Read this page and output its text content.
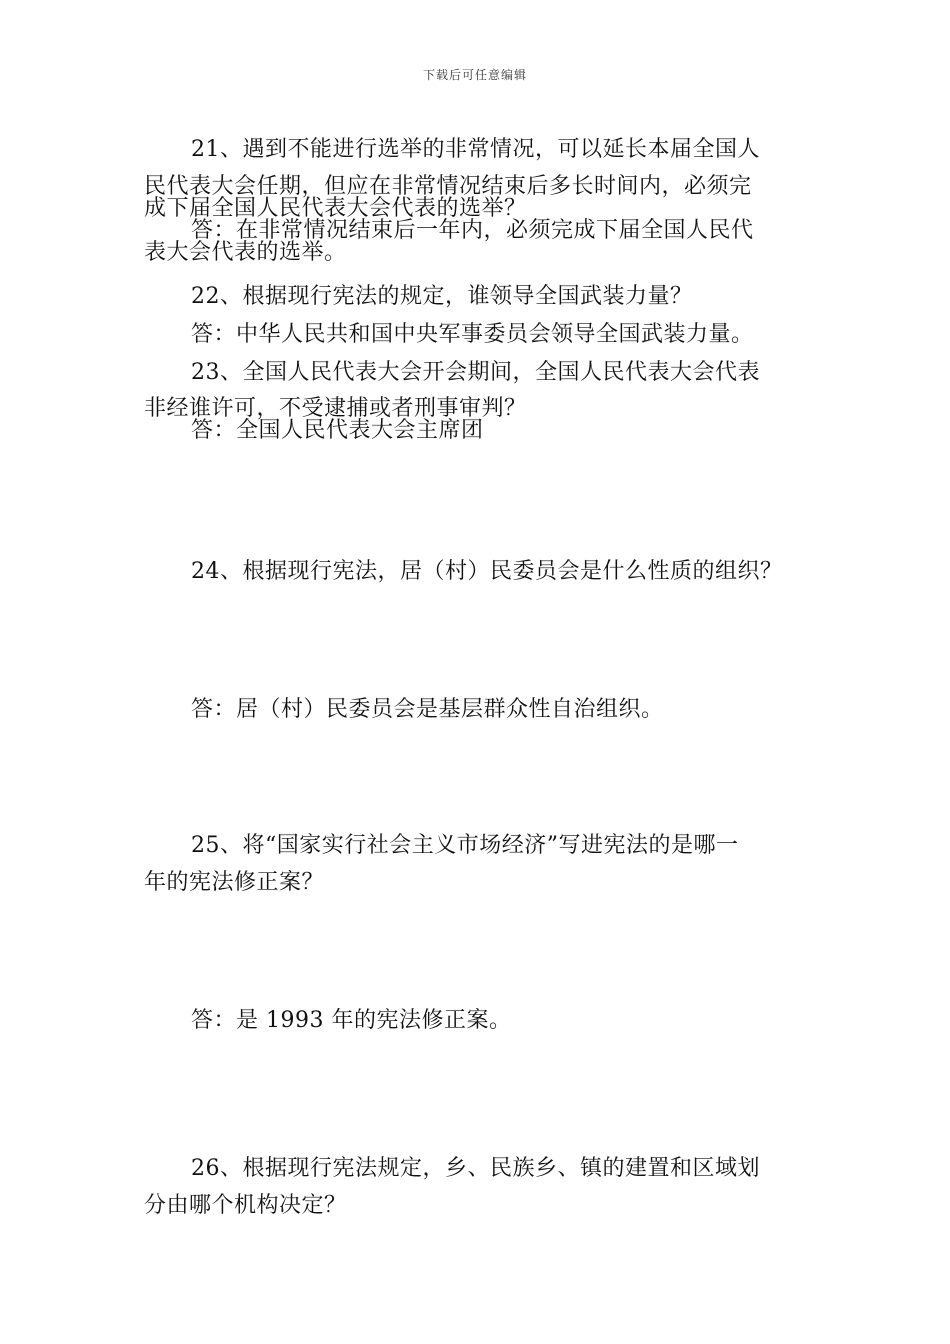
下载后可任意编辑
21、遇到不能进行选举的非常情况，可以延长本届全国人
民代表大会任期，但应在非常情况结束后多长时间内，必须完
成下届全国人民代表大会代表的选举？
答：在非常情况结束后一年内，必须完成下届全国人民代
表大会代表的选举。
22、根据现行宪法的规定，谁领导全国武装力量？
答：中华人民共和国中央军事委员会领导全国武装力量。
23、全国人民代表大会开会期间，全国人民代表大会代表
非经谁许可，不受逮捕或者刑事审判？
答：全国人民代表大会主席团
24、根据现行宪法，居（村）民委员会是什么性质的组织？
答：居（村）民委员会是基层群众性自治组织。
25、将“国家实行社会主义市场经济”写进宪法的是哪一
年的宪法修正案？
答：是 1993 年的宪法修正案。
26、根据现行宪法规定，乡、民族乡、镇的建置和区域划
分由哪个机构决定？
